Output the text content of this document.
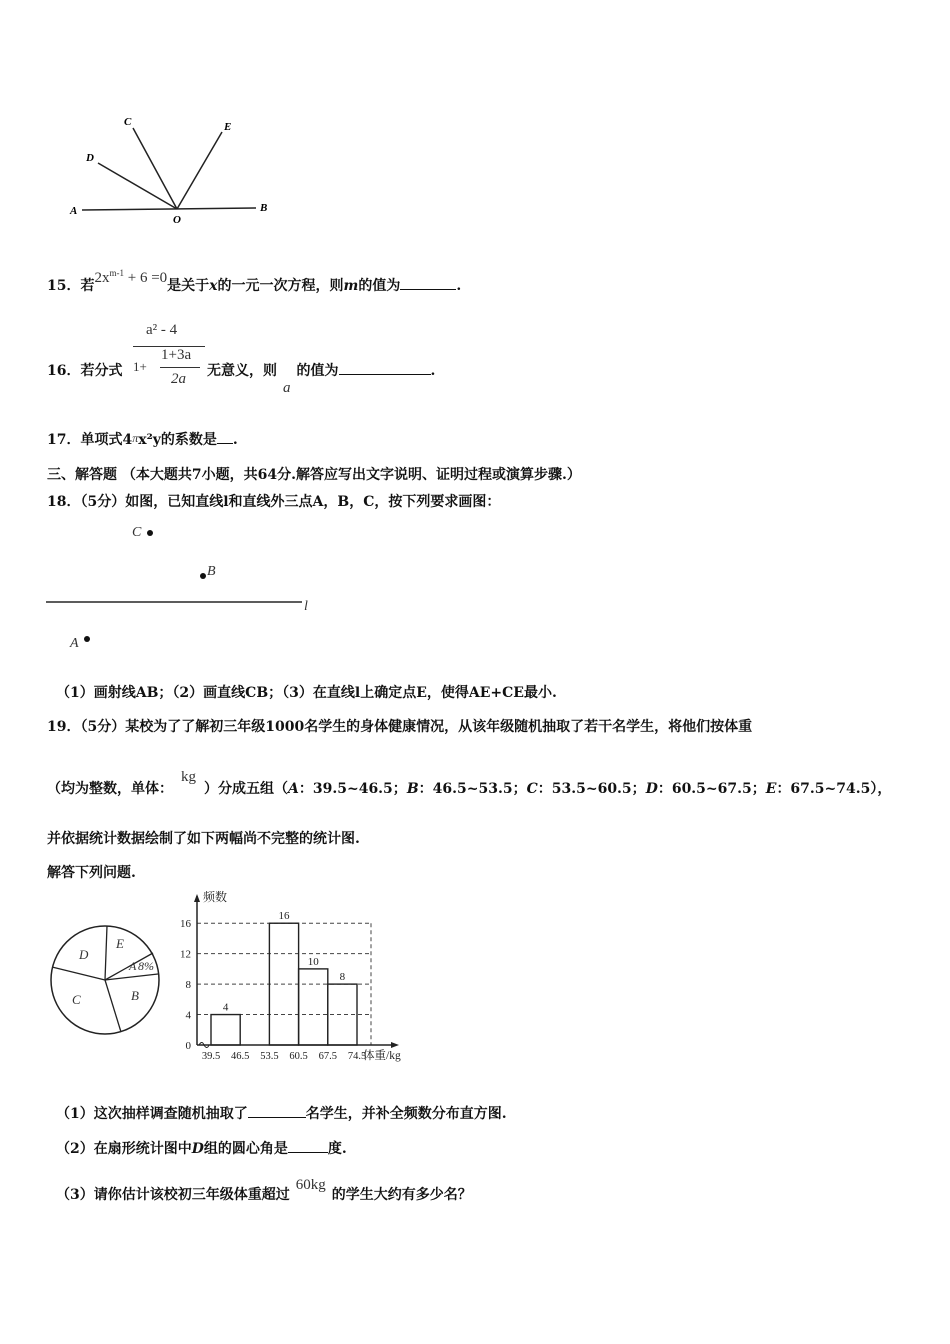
A	B
C
D
E
O
15．若$2x^{m-1} + 6 =0$是关于x的一元一次方程，则m的值为	.
16．若分式
a² - 4
1+
1+3a
2a 无意义，则a的值为	.
17．单项式4πx²y的系数是 .
三、解答题 （本大题共7小题，共64分.解答应写出文字说明、证明过程或演算步骤.）
18．（5分）如图，已知直线l和直线外三点A，B，C，按下列要求画图：
C
B
l
A
（1）画射线AB；（2）画直线CB；（3）在直线l上确定点E，使得AE+CE最小.
19．（5分）某校为了了解初三年级1000名学生的身体健康情况，从该年级随机抽取了若干名学生，将他们按体重
（均为整数，单体：kg）分成五组（A：39.5~46.5；B：46.5~53.5；C：53.5~60.5；D：60.5~67.5；E：67.5~74.5），
并依据统计数据绘制了如下两幅尚不完整的统计图.
解答下列问题.
D
E
A 8%
B
C
频数
0
4
8
12
16
4
16
10
8
39.5 46.5 53.5 60.5 67.5 74.5
体重/kg
（1）这次抽样调查随机抽取了	名学生，并补全频数分布直方图.
（2）在扇形统计图中D组的圆心角是	度.
（3）请你估计该校初三年级体重超过60kg的学生大约有多少名？
